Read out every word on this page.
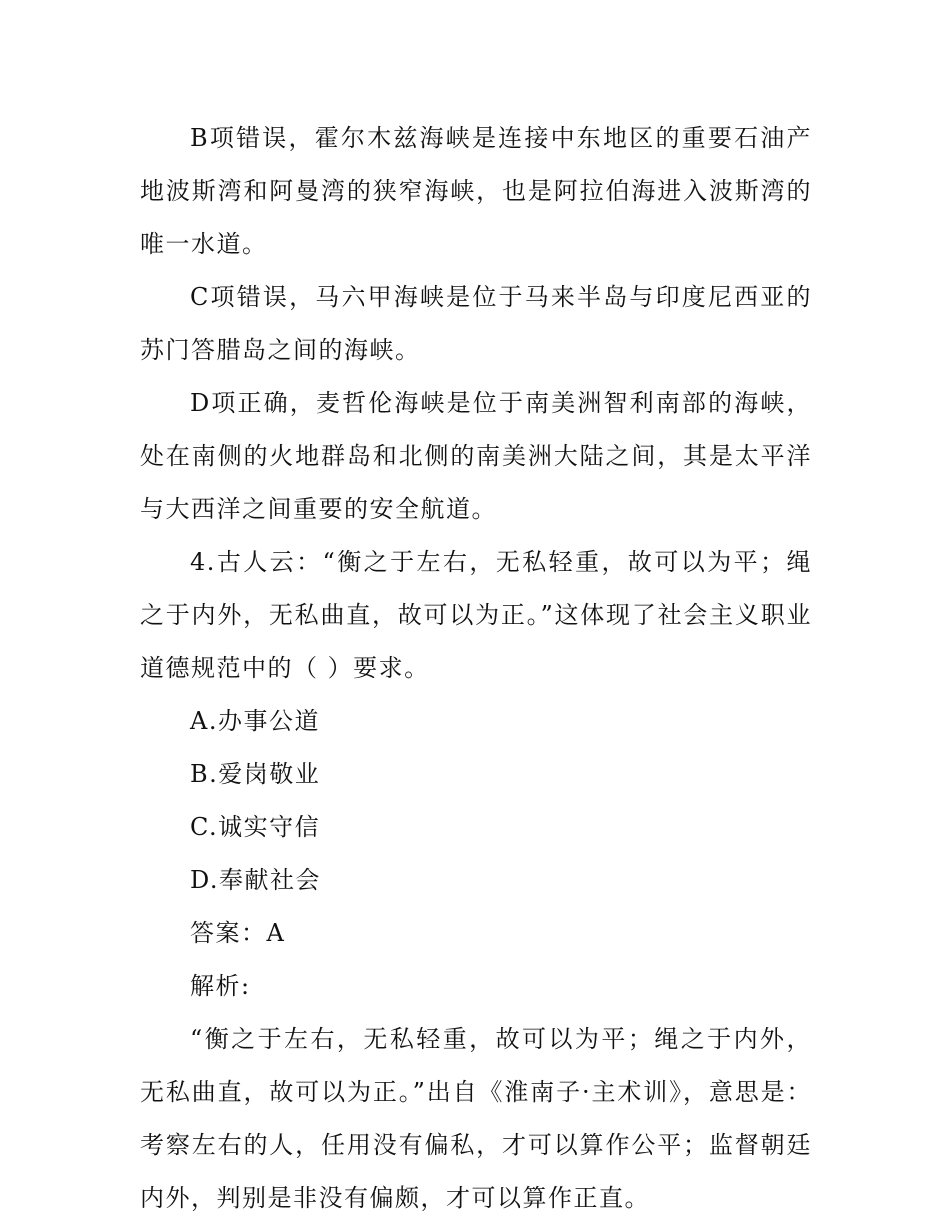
B项错误，霍尔木兹海峡是连接中东地区的重要石油产地波斯湾和阿曼湾的狭窄海峡，也是阿拉伯海进入波斯湾的唯一水道。

C项错误，马六甲海峡是位于马来半岛与印度尼西亚的苏门答腊岛之间的海峡。

D项正确，麦哲伦海峡是位于南美洲智利南部的海峡，处在南侧的火地群岛和北侧的南美洲大陆之间，其是太平洋与大西洋之间重要的安全航道。

4.古人云：“衡之于左右，无私轻重，故可以为平；绳之于内外，无私曲直，故可以为正。”这体现了社会主义职业道德规范中的（ ）要求。

A.办事公道

B.爱岗敬业

C.诚实守信

D.奉献社会

答案：A

解析:

“衡之于左右，无私轻重，故可以为平；绳之于内外，无私曲直，故可以为正。”出自《淮南子·主术训》，意思是：考察左右的人，任用没有偏私，才可以算作公平；监督朝廷内外，判别是非没有偏颇，才可以算作正直。
